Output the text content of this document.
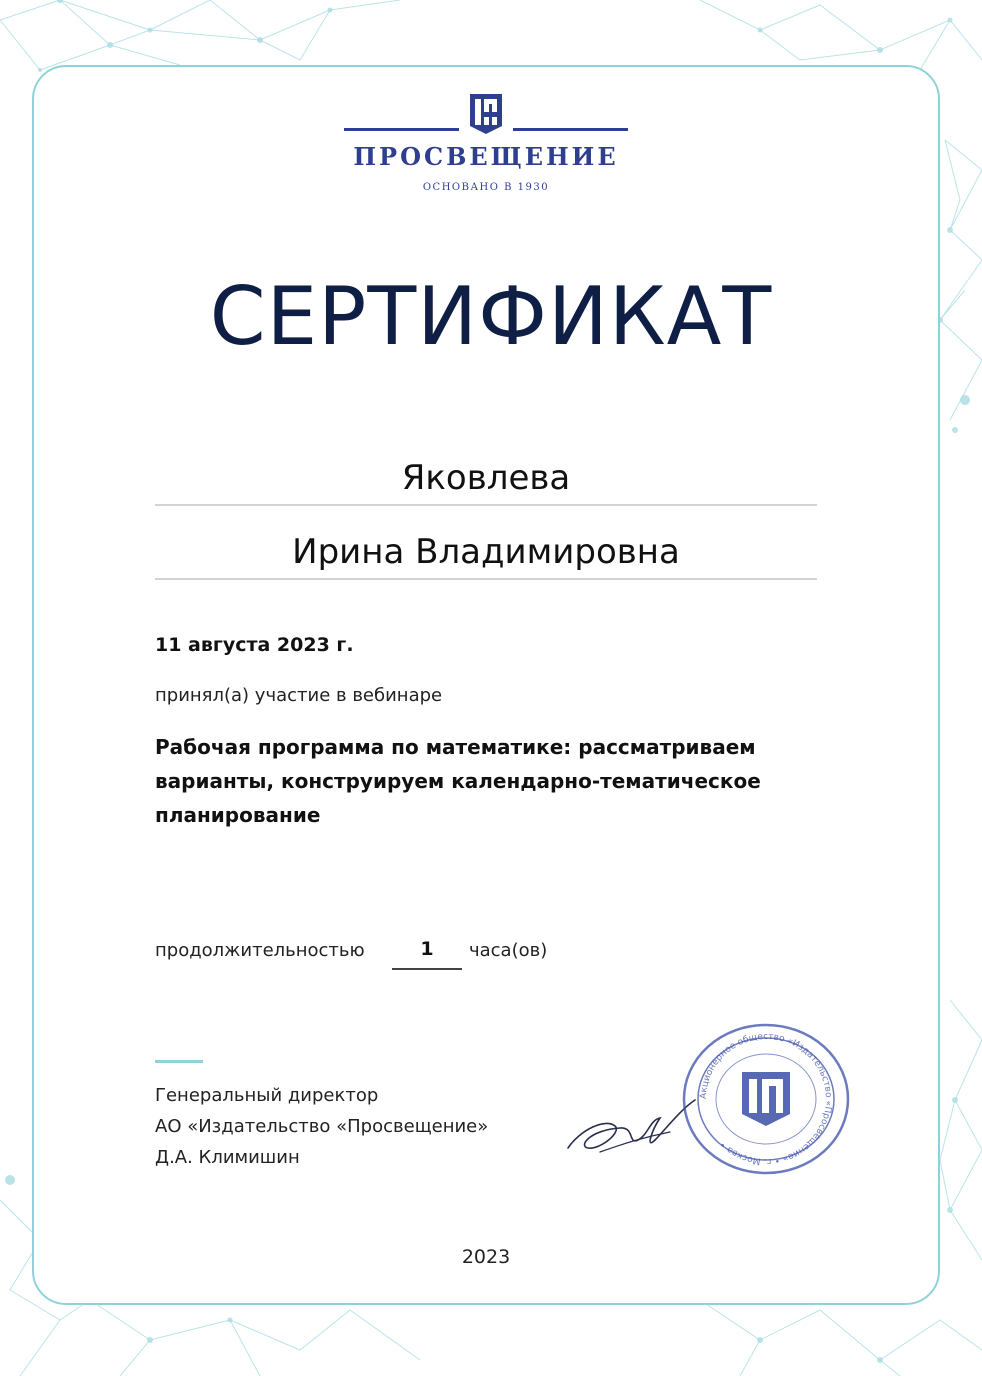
ПРОСВЕЩЕНИЕ
ОСНОВАНО В 1930
СЕРТИФИКАТ
Яковлева
Ирина Владимировна
11 августа 2023 г.
принял(а) участие в вебинаре
Рабочая программа по математике: рассматриваем варианты, конструируем календарно-тематическое планирование
продолжительностью	1	часа(ов)
Генеральный директор
АО «Издательство «Просвещение»
Д.А. Климишин
Акционерное общество «Издательство «Просвещение» • г. Москва •
2023
